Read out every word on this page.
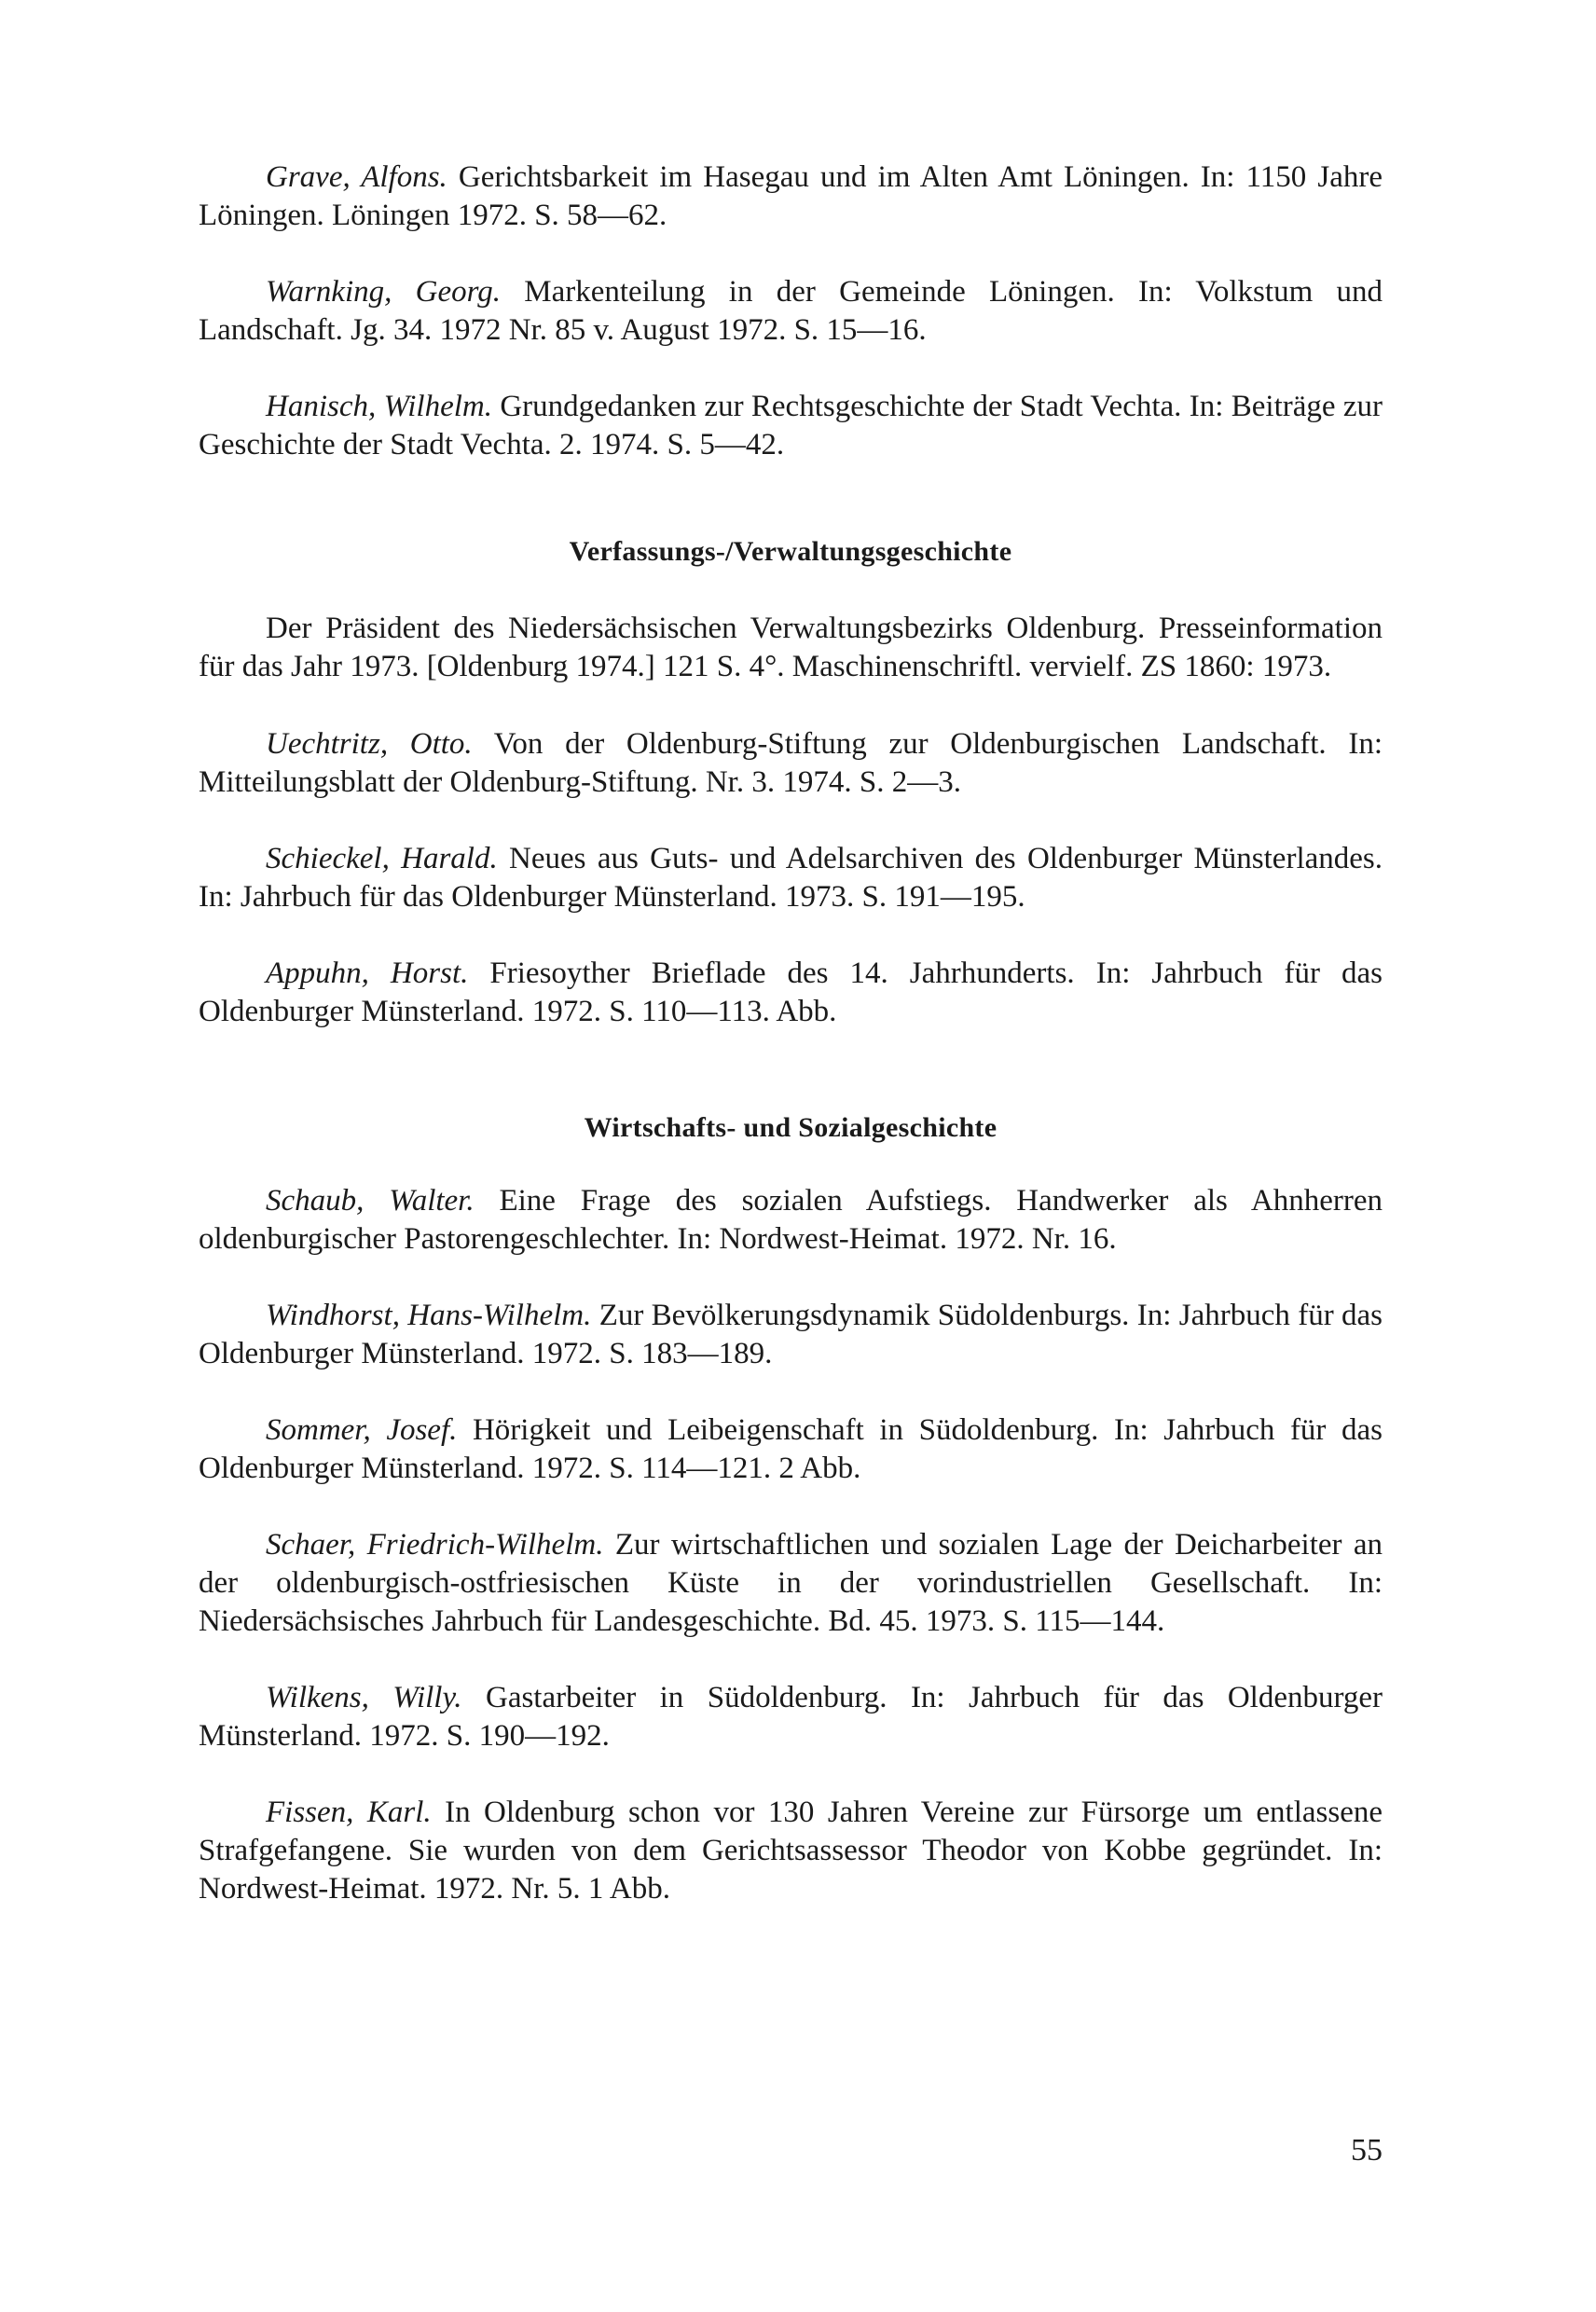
Grave, Alfons. Gerichtsbarkeit im Hasegau und im Alten Amt Löningen. In: 1150 Jahre Löningen. Löningen 1972. S. 58—62.

Warnking, Georg. Markenteilung in der Gemeinde Löningen. In: Volkstum und Landschaft. Jg. 34. 1972 Nr. 85 v. August 1972. S. 15—16.

Hanisch, Wilhelm. Grundgedanken zur Rechtsgeschichte der Stadt Vechta. In: Beiträge zur Geschichte der Stadt Vechta. 2. 1974. S. 5—42.

Verfassungs-/Verwaltungsgeschichte

Der Präsident des Niedersächsischen Verwaltungsbezirks Oldenburg. Presseinformation für das Jahr 1973. [Oldenburg 1974.] 121 S. 4°. Maschinenschriftl. vervielf. ZS 1860: 1973.

Uechtritz, Otto. Von der Oldenburg-Stiftung zur Oldenburgischen Landschaft. In: Mitteilungsblatt der Oldenburg-Stiftung. Nr. 3. 1974. S. 2—3.

Schieckel, Harald. Neues aus Guts- und Adelsarchiven des Oldenburger Münsterlandes. In: Jahrbuch für das Oldenburger Münsterland. 1973. S. 191—195.

Appuhn, Horst. Friesoyther Brieflade des 14. Jahrhunderts. In: Jahrbuch für das Oldenburger Münsterland. 1972. S. 110—113. Abb.

Wirtschafts- und Sozialgeschichte

Schaub, Walter. Eine Frage des sozialen Aufstiegs. Handwerker als Ahnherren oldenburgischer Pastorengeschlechter. In: Nordwest-Heimat. 1972. Nr. 16.

Windhorst, Hans-Wilhelm. Zur Bevölkerungsdynamik Südoldenburgs. In: Jahrbuch für das Oldenburger Münsterland. 1972. S. 183—189.

Sommer, Josef. Hörigkeit und Leibeigenschaft in Südoldenburg. In: Jahrbuch für das Oldenburger Münsterland. 1972. S. 114—121. 2 Abb.

Schaer, Friedrich-Wilhelm. Zur wirtschaftlichen und sozialen Lage der Deicharbeiter an der oldenburgisch-ostfriesischen Küste in der vorindustriellen Gesellschaft. In: Niedersächsisches Jahrbuch für Landesgeschichte. Bd. 45. 1973. S. 115—144.

Wilkens, Willy. Gastarbeiter in Südoldenburg. In: Jahrbuch für das Oldenburger Münsterland. 1972. S. 190—192.

Fissen, Karl. In Oldenburg schon vor 130 Jahren Vereine zur Fürsorge um entlassene Strafgefangene. Sie wurden von dem Gerichtsassessor Theodor von Kobbe gegründet. In: Nordwest-Heimat. 1972. Nr. 5. 1 Abb.

55
